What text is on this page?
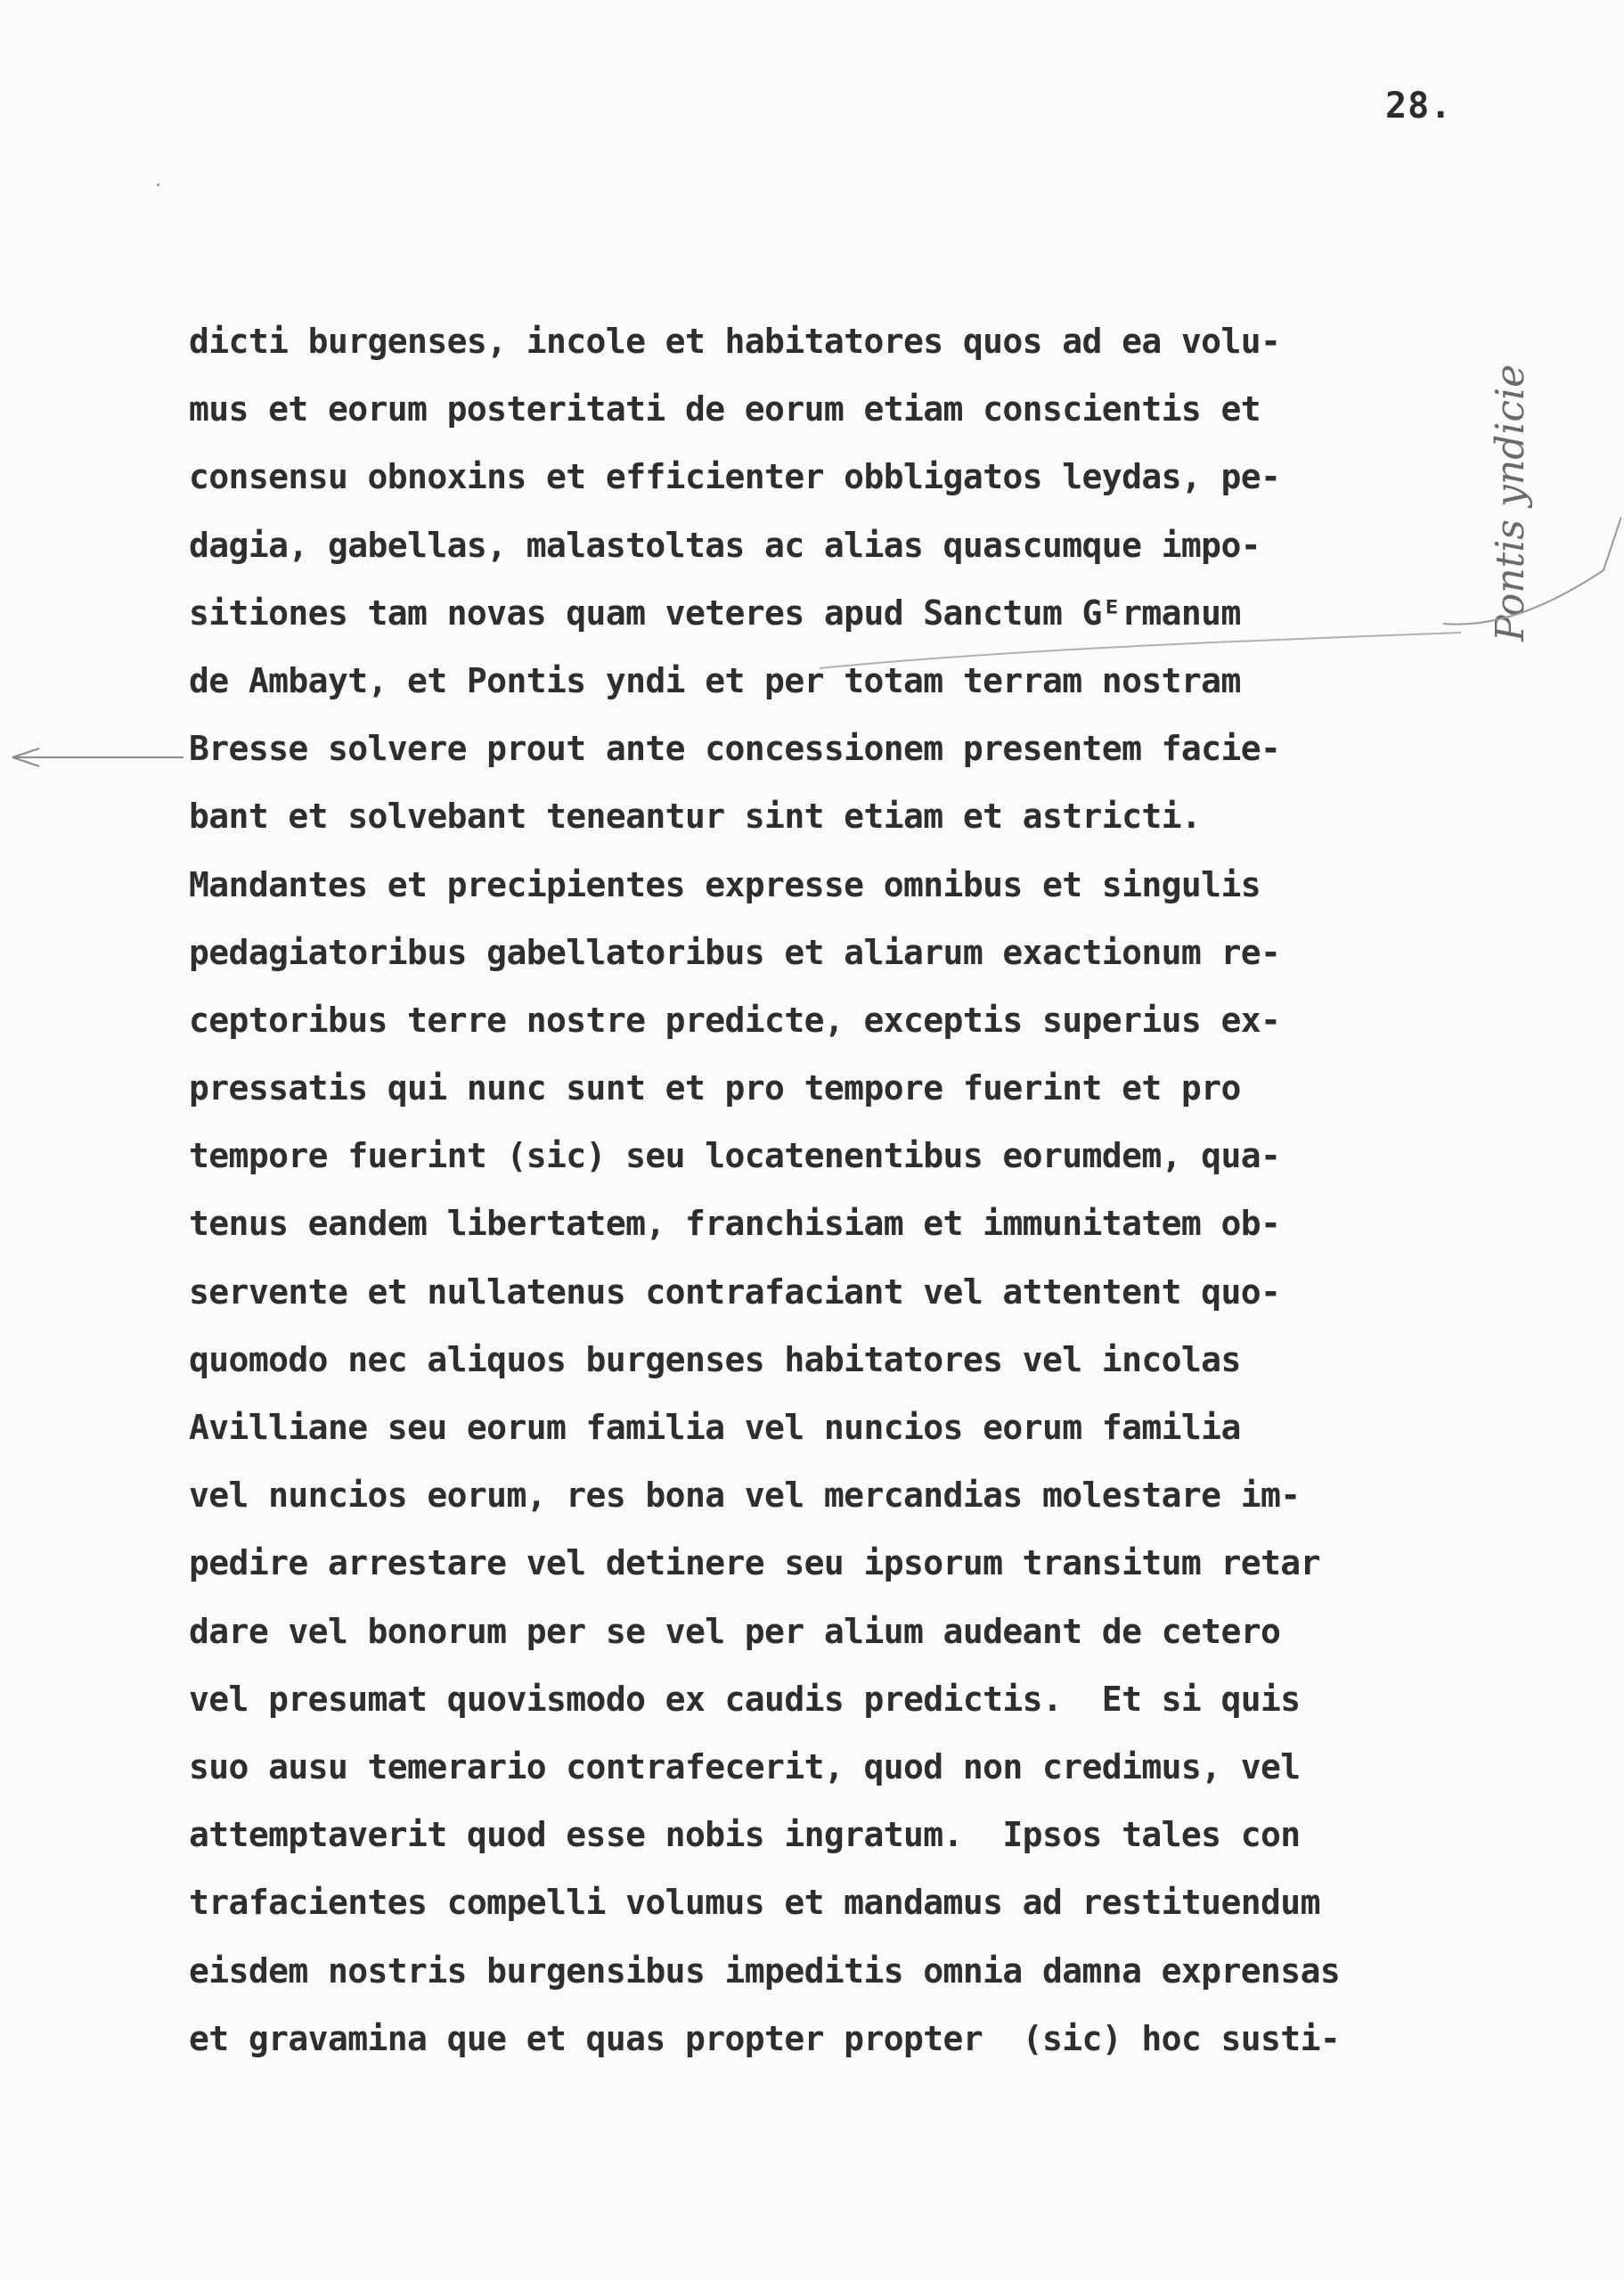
28.
Pontis yndicie
dicti burgenses, incole et habitatores quos ad ea volu-
mus et eorum posteritati de eorum etiam conscientis et
consensu obnoxins et efficienter obbligatos leydas, pe-
dagia, gabellas, malastoltas ac alias quascumque impo-
sitiones tam novas quam veteres apud Sanctum Gᴱrmanum
de Ambayt, et Pontis yndi et per totam terram nostram
Bresse solvere prout ante concessionem presentem facie-
bant et solvebant teneantur sint etiam et astricti.
Mandantes et precipientes expresse omnibus et singulis
pedagiatoribus gabellatoribus et aliarum exactionum re-
ceptoribus terre nostre predicte, exceptis superius ex-
pressatis qui nunc sunt et pro tempore fuerint et pro
tempore fuerint (sic) seu locatenentibus eorumdem, qua-
tenus eandem libertatem, franchisiam et immunitatem ob-
servente et nullatenus contrafaciant vel attentent quo-
quomodo nec aliquos burgenses habitatores vel incolas
Avilliane seu eorum familia vel nuncios eorum familia
vel nuncios eorum, res bona vel mercandias molestare im-
pedire arrestare vel detinere seu ipsorum transitum retar
dare vel bonorum per se vel per alium audeant de cetero
vel presumat quovismodo ex caudis predictis.  Et si quis
suo ausu temerario contrafecerit, quod non credimus, vel
attemptaverit quod esse nobis ingratum.  Ipsos tales con
trafacientes compelli volumus et mandamus ad restituendum
eisdem nostris burgensibus impeditis omnia damna exprensas
et gravamina que et quas propter propter  (sic) hoc susti-
